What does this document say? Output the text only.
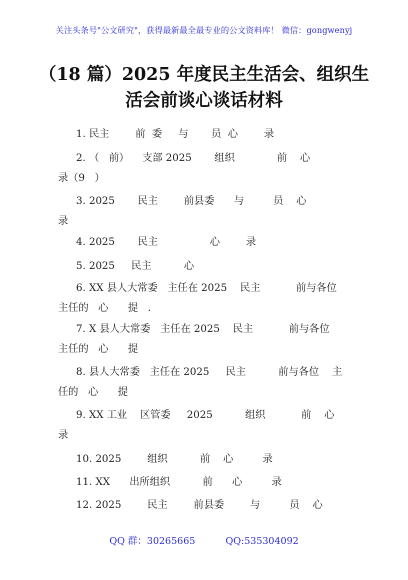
关注头条号"公文研究"，获得最新最全最专业的公文资料库！ 微信：gongwenyj
（18 篇）2025 年度民主生活会、组织生
活会前谈心谈话材料
1. 民主        前  委     与       员  心        录
2. （   前）    支部 2025       组织             前    心
录（9   ）
3. 2025       民主        前县委      与         员    心
录
4. 2025       民主                心        录
5. 2025     民主          心
6. XX 县人大常委   主任在 2025    民主           前与各位
主任的   心      提   .
7. X 县人大常委   主任在 2025    民主           前与各位
主任的   心      提
8. 县人大常委   主任在 2025     民主          前与各位    主
任的   心      提
9. XX 工业    区管委     2025          组织           前    心
录
10. 2025        组织          前    心         录
11. XX      出所组织          前      心         录
12. 2025        民主        前县委        与         员    心
QQ 群：30265665          QQ:535304092
